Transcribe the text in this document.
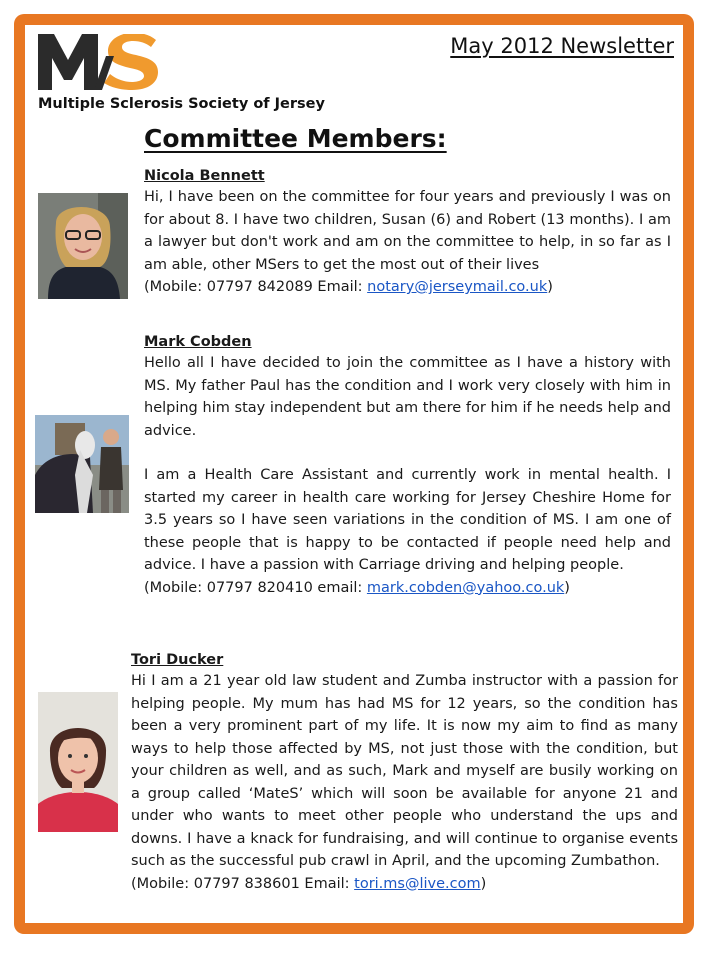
Multiple Sclerosis Society of Jersey
May 2012 Newsletter
Committee Members:

Nicola Bennett

Hi, I have been on the committee for four years and previously I was on for about 8. I have two children, Susan (6) and Robert (13 months). I am a lawyer but don't work and am on the committee to help, in so far as I am able, other MSers to get the most out of their lives

(Mobile: 07797 842089 Email: notary@jerseymail.co.uk)

Mark Cobden

Hello all I have decided to join the committee as I have a history with MS. My father Paul has the condition and I work very closely with him in helping him stay independent but am there for him if he needs help and advice.

I am a Health Care Assistant and currently work in mental health. I started my career in health care working for Jersey Cheshire Home for 3.5 years so I have seen variations in the condition of MS. I am one of these people that is happy to be contacted if people need help and advice. I have a passion with Carriage driving and helping people.

(Mobile: 07797 820410 email: mark.cobden@yahoo.co.uk)

Tori Ducker

Hi I am a 21 year old law student and Zumba instructor with a passion for helping people. My mum has had MS for 12 years, so the condition has been a very prominent part of my life. It is now my aim to find as many ways to help those affected by MS, not just those with the condition, but your children as well, and as such, Mark and myself are busily working on a group called ‘MateS’ which will soon be available for anyone 21 and under who wants to meet other people who understand the ups and downs. I have a knack for fundraising, and will continue to organise events such as the successful pub crawl in April, and the upcoming Zumbathon.

(Mobile: 07797 838601 Email: tori.ms@live.com)
